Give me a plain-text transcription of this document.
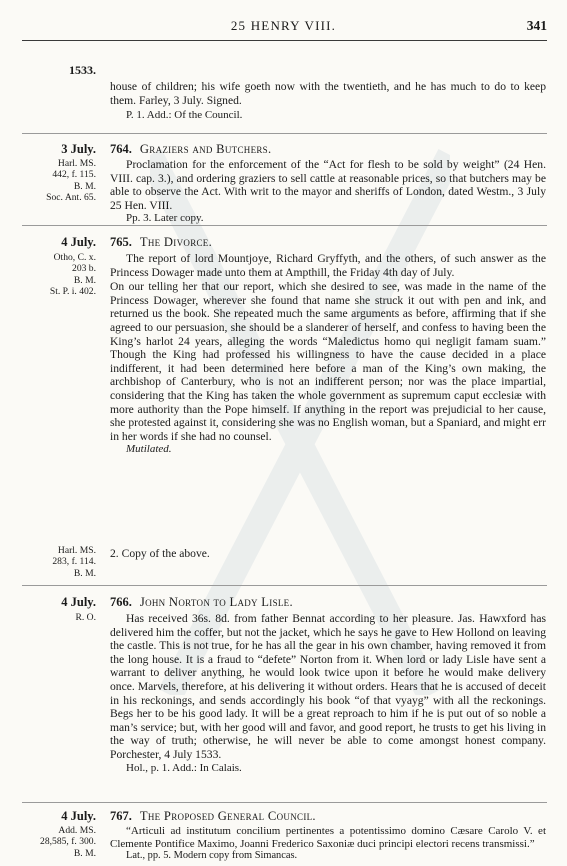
25 HENRY VIII.	341
1533.

house of children; his wife goeth now with the twentieth, and he has much to do to keep them. Farley, 3 July. Signed.

P. 1. Add.: Of the Council.

3 July.
Harl. MS.
442, f. 115.
B. M.
Soc. Ant. 65.
764. Graziers and Butchers.

Proclamation for the enforcement of the “Act for flesh to be sold by weight” (24 Hen. VIII. cap. 3.), and ordering graziers to sell cattle at reasonable prices, so that butchers may be able to observe the Act. With writ to the mayor and sheriffs of London, dated Westm., 3 July 25 Hen. VIII.

Pp. 3. Later copy.

4 July.
Otho, C. x.
203 b.
B. M.
St. P. i. 402.
765. The Divorce.

The report of lord Mountjoye, Richard Gryffyth, and the others, of such answer as the Princess Dowager made unto them at Ampthill, the Friday 4th day of July.

On our telling her that our report, which she desired to see, was made in the name of the Princess Dowager, wherever she found that name she struck it out with pen and ink, and returned us the book. She repeated much the same arguments as before, affirming that if she agreed to our persuasion, she should be a slanderer of herself, and confess to having been the King’s harlot 24 years, alleging the words “Maledictus homo qui negligit famam suam.” Though the King had professed his willingness to have the cause decided in a place indifferent, it had been determined here before a man of the King’s own making, the archbishop of Canterbury, who is not an indifferent person; nor was the place impartial, considering that the King has taken the whole government as supremum caput ecclesiæ with more authority than the Pope himself. If anything in the report was prejudicial to her cause, she protested against it, considering she was no English woman, but a Spaniard, and might err in her words if she had no counsel.

Mutilated.

Harl. MS.
283, f. 114.
B. M.

2. Copy of the above.

4 July.
R. O.
766. John Norton to Lady Lisle.

Has received 36s. 8d. from father Bennat according to her pleasure. Jas. Hawxford has delivered him the coffer, but not the jacket, which he says he gave to Hew Hollond on leaving the castle. This is not true, for he has all the gear in his own chamber, having removed it from the long house. It is a fraud to “defete” Norton from it. When lord or lady Lisle have sent a warrant to deliver anything, he would look twice upon it before he would make delivery once. Marvels, therefore, at his delivering it without orders. Hears that he is accused of deceit in his reckonings, and sends accordingly his book “of that vyayg” with all the reckonings. Begs her to be his good lady. It will be a great reproach to him if he is put out of so noble a man’s service; but, with her good will and favor, and good report, he trusts to get his living in the way of truth; otherwise, he will never be able to come amongst honest company. Porchester, 4 July 1533.

Hol., p. 1. Add.: In Calais.

4 July.
Add. MS.
28,585, f. 300.
B. M.
767. The Proposed General Council.

“Articuli ad institutum concilium pertinentes a potentissimo domino Cæsare Carolo V. et Clemente Pontifice Maximo, Joanni Frederico Saxoniæ duci principi electori recens transmissi.”

Lat., pp. 5. Modern copy from Simancas.
